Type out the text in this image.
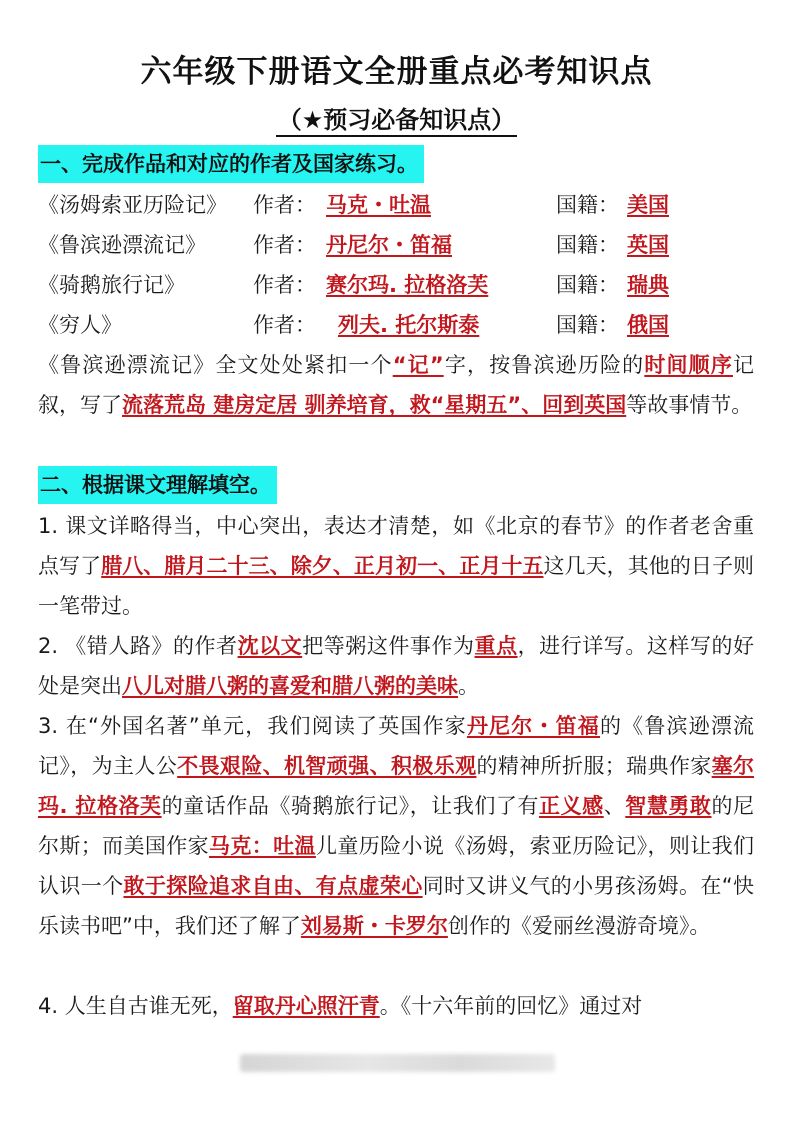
六年级下册语文全册重点必考知识点
（★预习必备知识点）
一、完成作品和对应的作者及国家练习。
《汤姆索亚历险记》 作者： 马克・吐温	国籍： 美国
《鲁滨逊漂流记》 作者： 丹尼尔・笛福	国籍： 英国
《骑鹅旅行记》	作者： 赛尔玛. 拉格洛芙	国籍： 瑞典
《穷人》	作者： 列夫. 托尔斯泰	国籍： 俄国

《鲁滨逊漂流记》全文处处紧扣一个“记”字，按鲁滨逊历险的时间顺序记叙，写了流落荒岛 建房定居 驯养培育，救“星期五”、回到英国等故事情节。

二、根据课文理解填空。

1. 课文详略得当，中心突出，表达才清楚，如《北京的春节》的作者老舍重点写了腊八、腊月二十三、除夕、正月初一、正月十五这几天，其他的日子则一笔带过。

2. 《错人路》的作者沈以文把等粥这件事作为重点，进行详写。这样写的好处是突出八儿对腊八粥的喜爱和腊八粥的美味。

3. 在“外国名著”单元，我们阅读了英国作家丹尼尔・笛福的《鲁滨逊漂流记》，为主人公不畏艰险、机智顽强、积极乐观的精神所折服；瑞典作家塞尔玛. 拉格洛芙的童话作品《骑鹅旅行记》，让我们了有正义感、智慧勇敢的尼尔斯；而美国作家马克：吐温儿童历险小说《汤姆，索亚历险记》，则让我们认识一个敢于探险追求自由、有点虚荣心同时又讲义气的小男孩汤姆。在“快乐读书吧”中，我们还了解了刘易斯・卡罗尔创作的《爱丽丝漫游奇境》。

4. 人生自古谁无死，留取丹心照汗青。《十六年前的回忆》通过对
